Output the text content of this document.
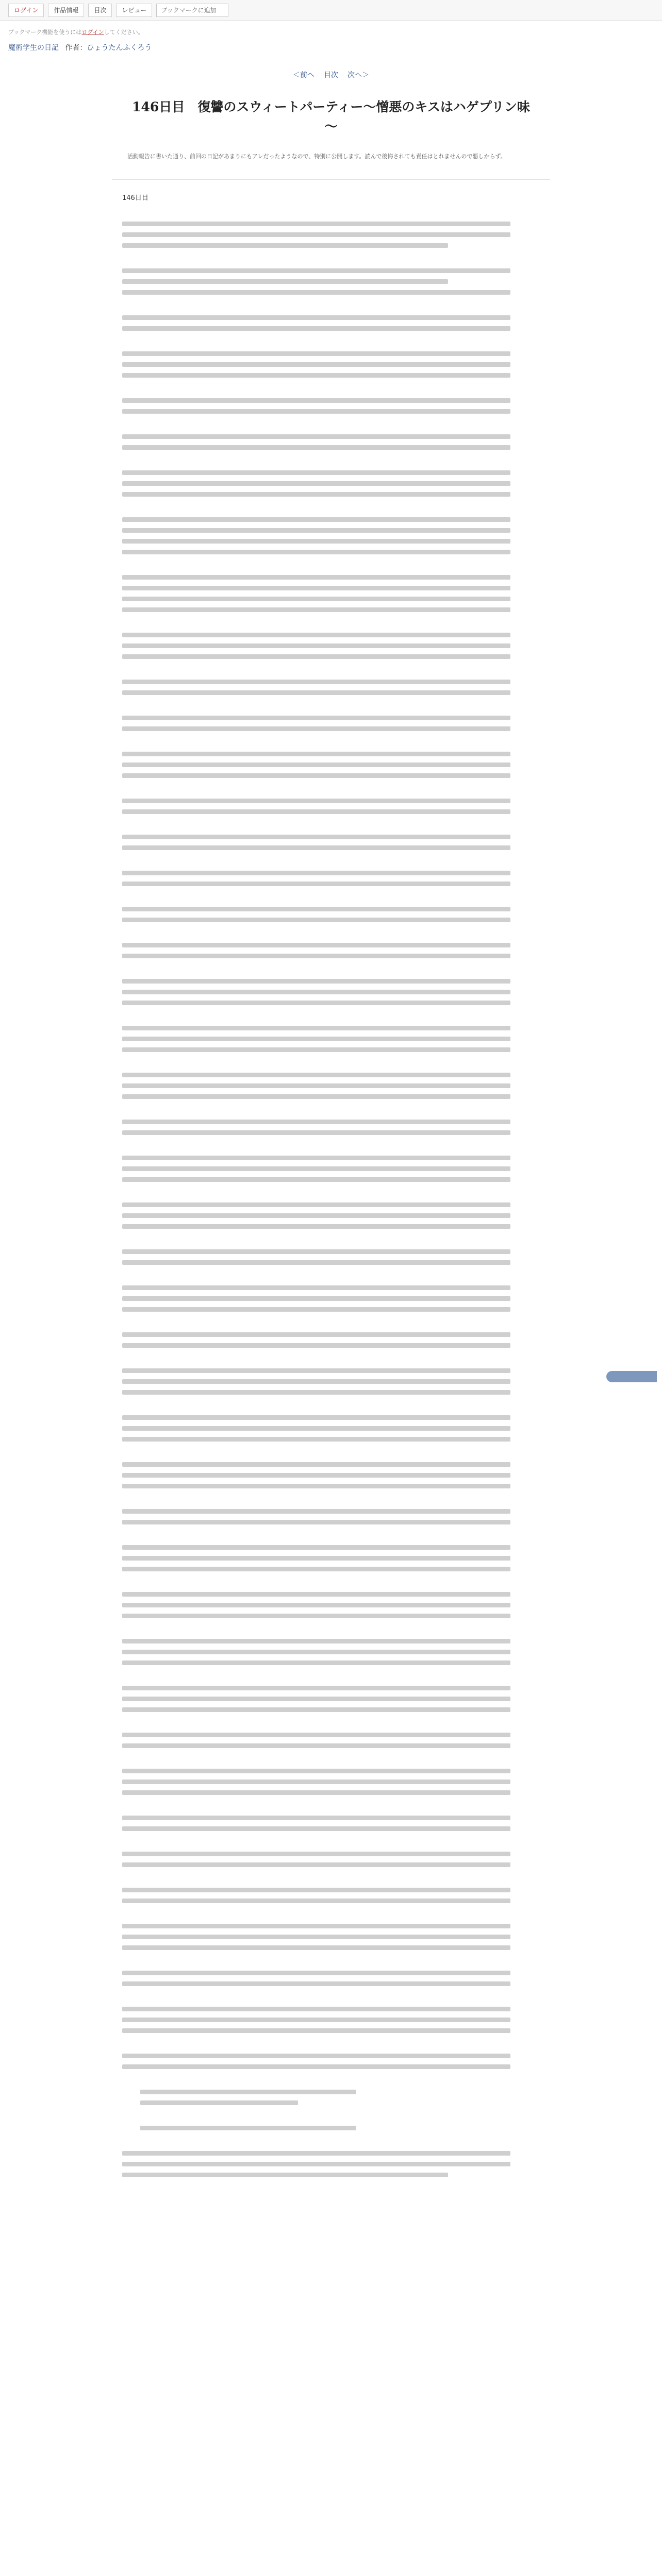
ログイン	作品情報	目次	レビュー
ブックマークに追加
ブックマーク機能を使うにはログインしてください。
魔術学生の日記 作者：ひょうたんふくろう
＜前へ 目次 次へ＞
146日目　復讐のスウィートパーティー～憎悪のキスはハゲプリン味～

活動報告に書いた通り、前回の日記があまりにもアレだったようなので、特別に公開します。読んで後悔されても責任はとれませんので悪しからず。

146日目
